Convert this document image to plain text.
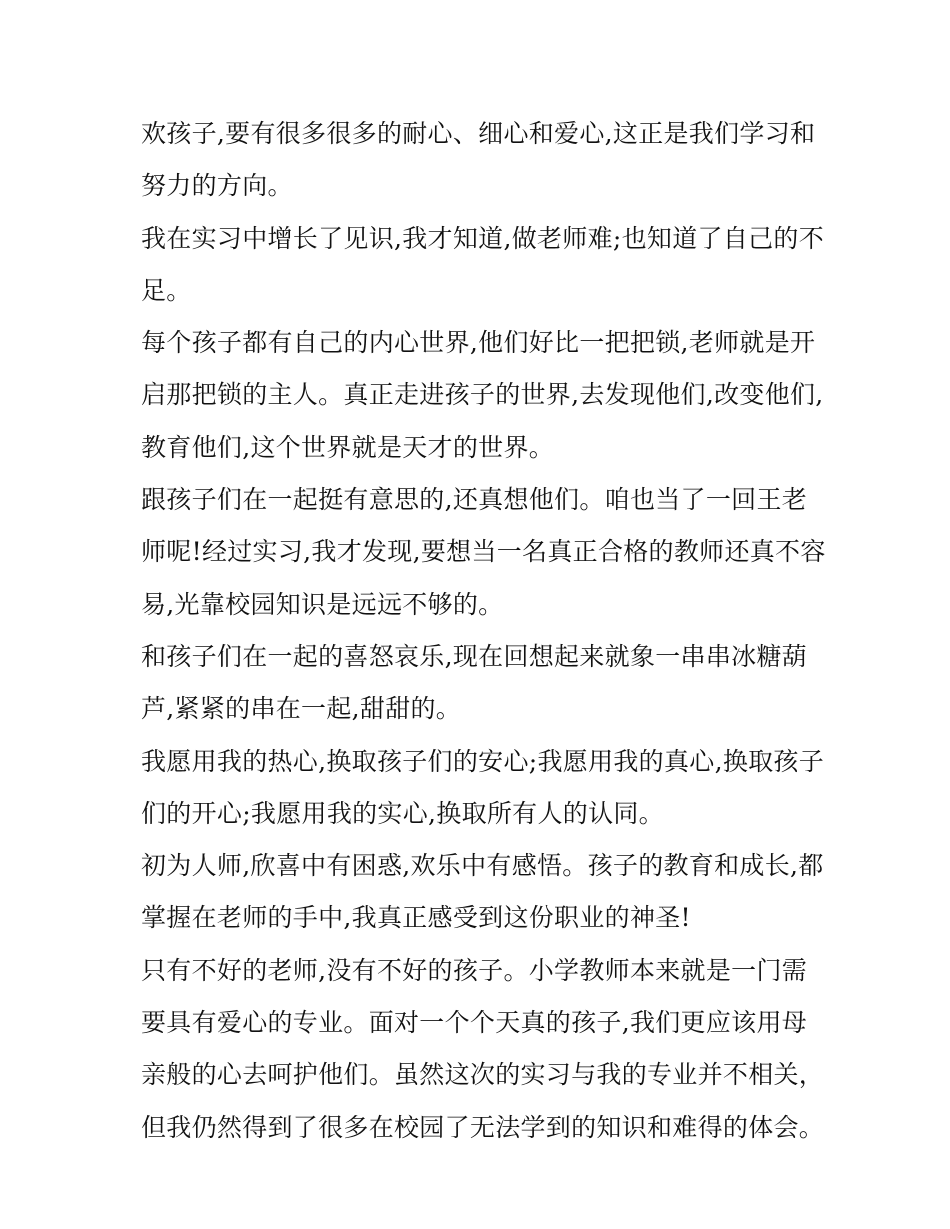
欢孩子,要有很多很多的耐心、细心和爱心,这正是我们学习和
努力的方向。
我在实习中增长了见识,我才知道,做老师难;也知道了自己的不
足。
每个孩子都有自己的内心世界,他们好比一把把锁,老师就是开
启那把锁的主人。真正走进孩子的世界,去发现他们,改变他们,
教育他们,这个世界就是天才的世界。
跟孩子们在一起挺有意思的,还真想他们。咱也当了一回王老
师呢!经过实习,我才发现,要想当一名真正合格的教师还真不容
易,光靠校园知识是远远不够的。
和孩子们在一起的喜怒哀乐,现在回想起来就象一串串冰糖葫
芦,紧紧的串在一起,甜甜的。
我愿用我的热心,换取孩子们的安心;我愿用我的真心,换取孩子
们的开心;我愿用我的实心,换取所有人的认同。
初为人师,欣喜中有困惑,欢乐中有感悟。孩子的教育和成长,都
掌握在老师的手中,我真正感受到这份职业的神圣!
只有不好的老师,没有不好的孩子。小学教师本来就是一门需
要具有爱心的专业。面对一个个天真的孩子,我们更应该用母
亲般的心去呵护他们。虽然这次的实习与我的专业并不相关，
但我仍然得到了很多在校园了无法学到的知识和难得的体会。
